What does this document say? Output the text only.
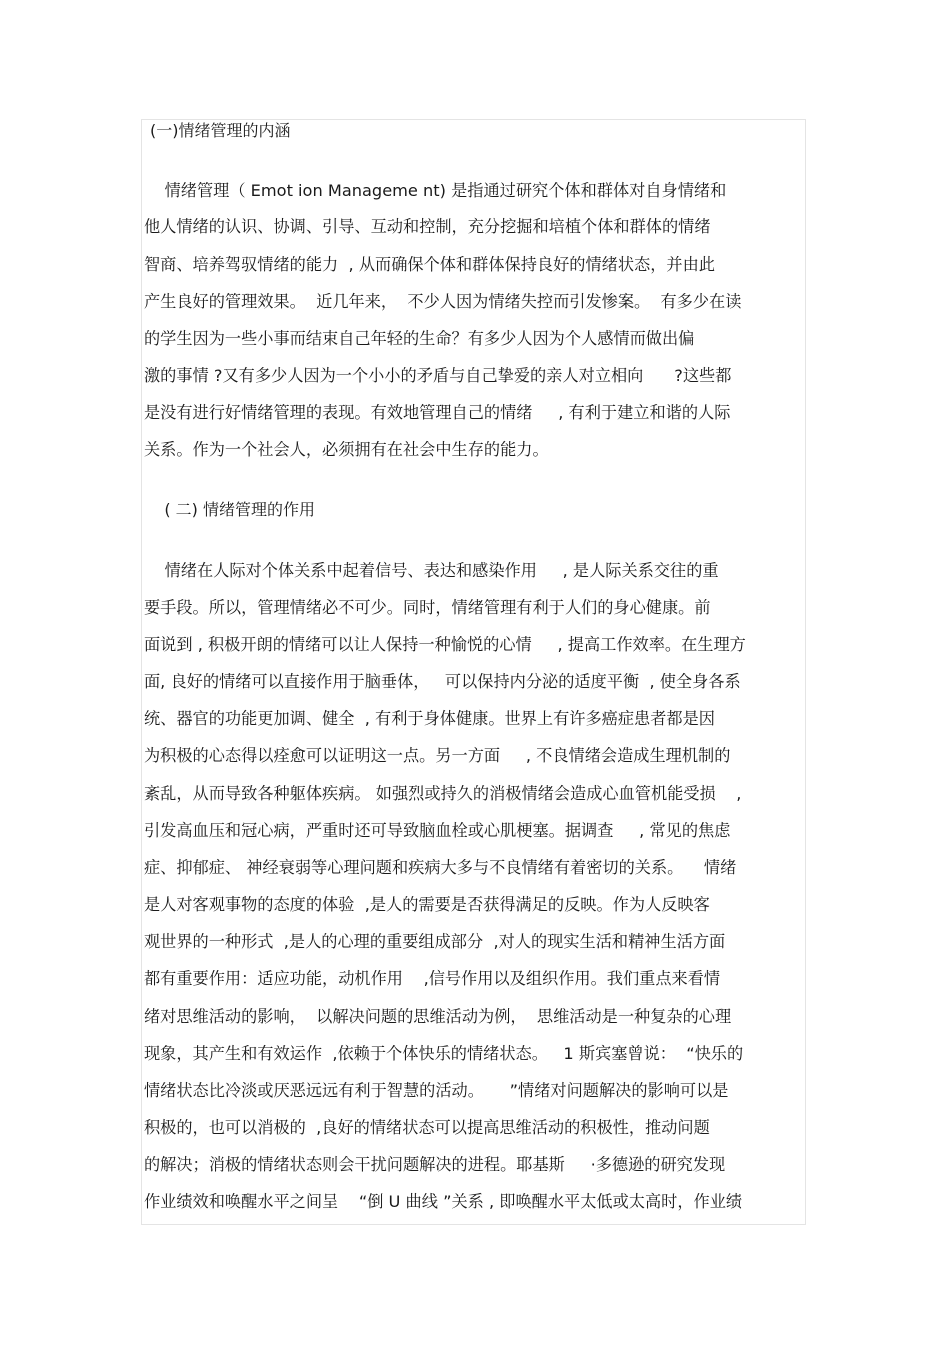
(一)情绪管理的内涵
情绪管理（ Emot ion Manageme nt) 是指通过研究个体和群体对自身情绪和
他人情绪的认识、协调、引导、互动和控制，充分挖掘和培植个体和群体的情绪
智商、培养驾驭情绪的能力  , 从而确保个体和群体保持良好的情绪状态，并由此
产生良好的管理效果。  近几年来，  不少人因为情绪失控而引发惨案。  有多少在读
的学生因为一些小事而结束自己年轻的生命？有多少人因为个人感情而做出偏
激的事情 ?又有多少人因为一个小小的矛盾与自己挚爱的亲人对立相向      ?这些都
是没有进行好情绪管理的表现。有效地管理自己的情绪     , 有利于建立和谐的人际
关系。作为一个社会人，必须拥有在社会中生存的能力。
( 二) 情绪管理的作用
情绪在人际对个体关系中起着信号、表达和感染作用     , 是人际关系交往的重
要手段。所以，管理情绪必不可少。同时，情绪管理有利于人们的身心健康。前
面说到 , 积极开朗的情绪可以让人保持一种愉悦的心情     , 提高工作效率。在生理方
面, 良好的情绪可以直接作用于脑垂体，   可以保持内分泌的适度平衡  , 使全身各系
统、器官的功能更加调、健全  , 有利于身体健康。世界上有许多癌症患者都是因
为积极的心态得以痊愈可以证明这一点。另一方面     , 不良情绪会造成生理机制的
紊乱，从而导致各种躯体疾病。 如强烈或持久的消极情绪会造成心血管机能受损    ,
引发高血压和冠心病，严重时还可导致脑血栓或心肌梗塞。据调查     , 常见的焦虑
症、抑郁症、 神经衰弱等心理问题和疾病大多与不良情绪有着密切的关系。    情绪
是人对客观事物的态度的体验  ,是人的需要是否获得满足的反映。作为人反映客
观世界的一种形式  ,是人的心理的重要组成部分  ,对人的现实生活和精神生活方面
都有重要作用：适应功能，动机作用    ,信号作用以及组织作用。我们重点来看情
绪对思维活动的影响，  以解决问题的思维活动为例，  思维活动是一种复杂的心理
现象，其产生和有效运作  ,依赖于个体快乐的情绪状态。   1 斯宾塞曾说：  “快乐的
情绪状态比冷淡或厌恶远远有利于智慧的活动。     ”情绪对问题解决的影响可以是
积极的，也可以消极的  ,良好的情绪状态可以提高思维活动的积极性，推动问题
的解决；消极的情绪状态则会干扰问题解决的进程。耶基斯     ·多德逊的研究发现
作业绩效和唤醒水平之间呈    “倒 U 曲线 ”关系 , 即唤醒水平太低或太高时，作业绩
